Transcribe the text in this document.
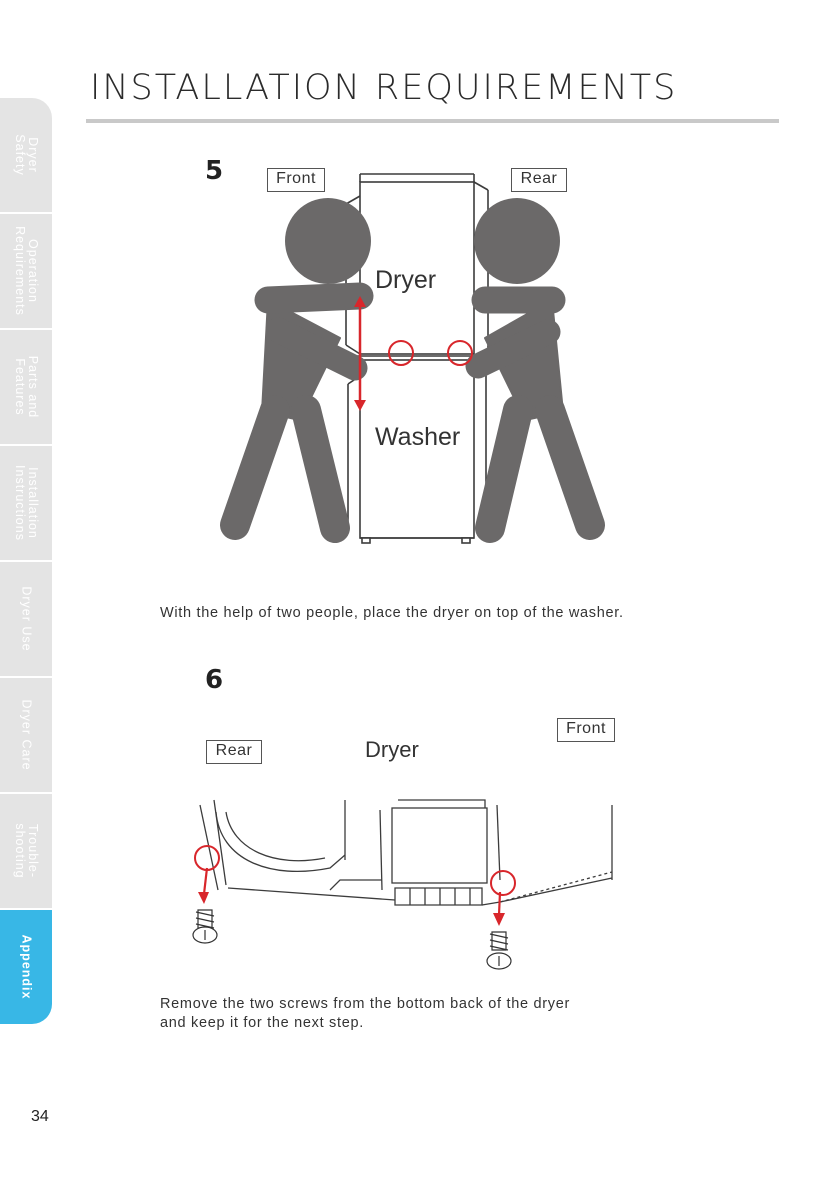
INSTALLATION REQUIREMENTS
Dryer
Safety
Operation
Requirements
Parts and
Features
Installation
Instructions
Dryer Use
Dryer Care
Trouble-
shooting
Appendix
5	Front	Rear
Dryer
Washer

With the help of two people, place the dryer on top of the washer.

6
Front
Rear	Dryer

Remove the two screws from the bottom back of the dryer

and keep it for the next step.

34
